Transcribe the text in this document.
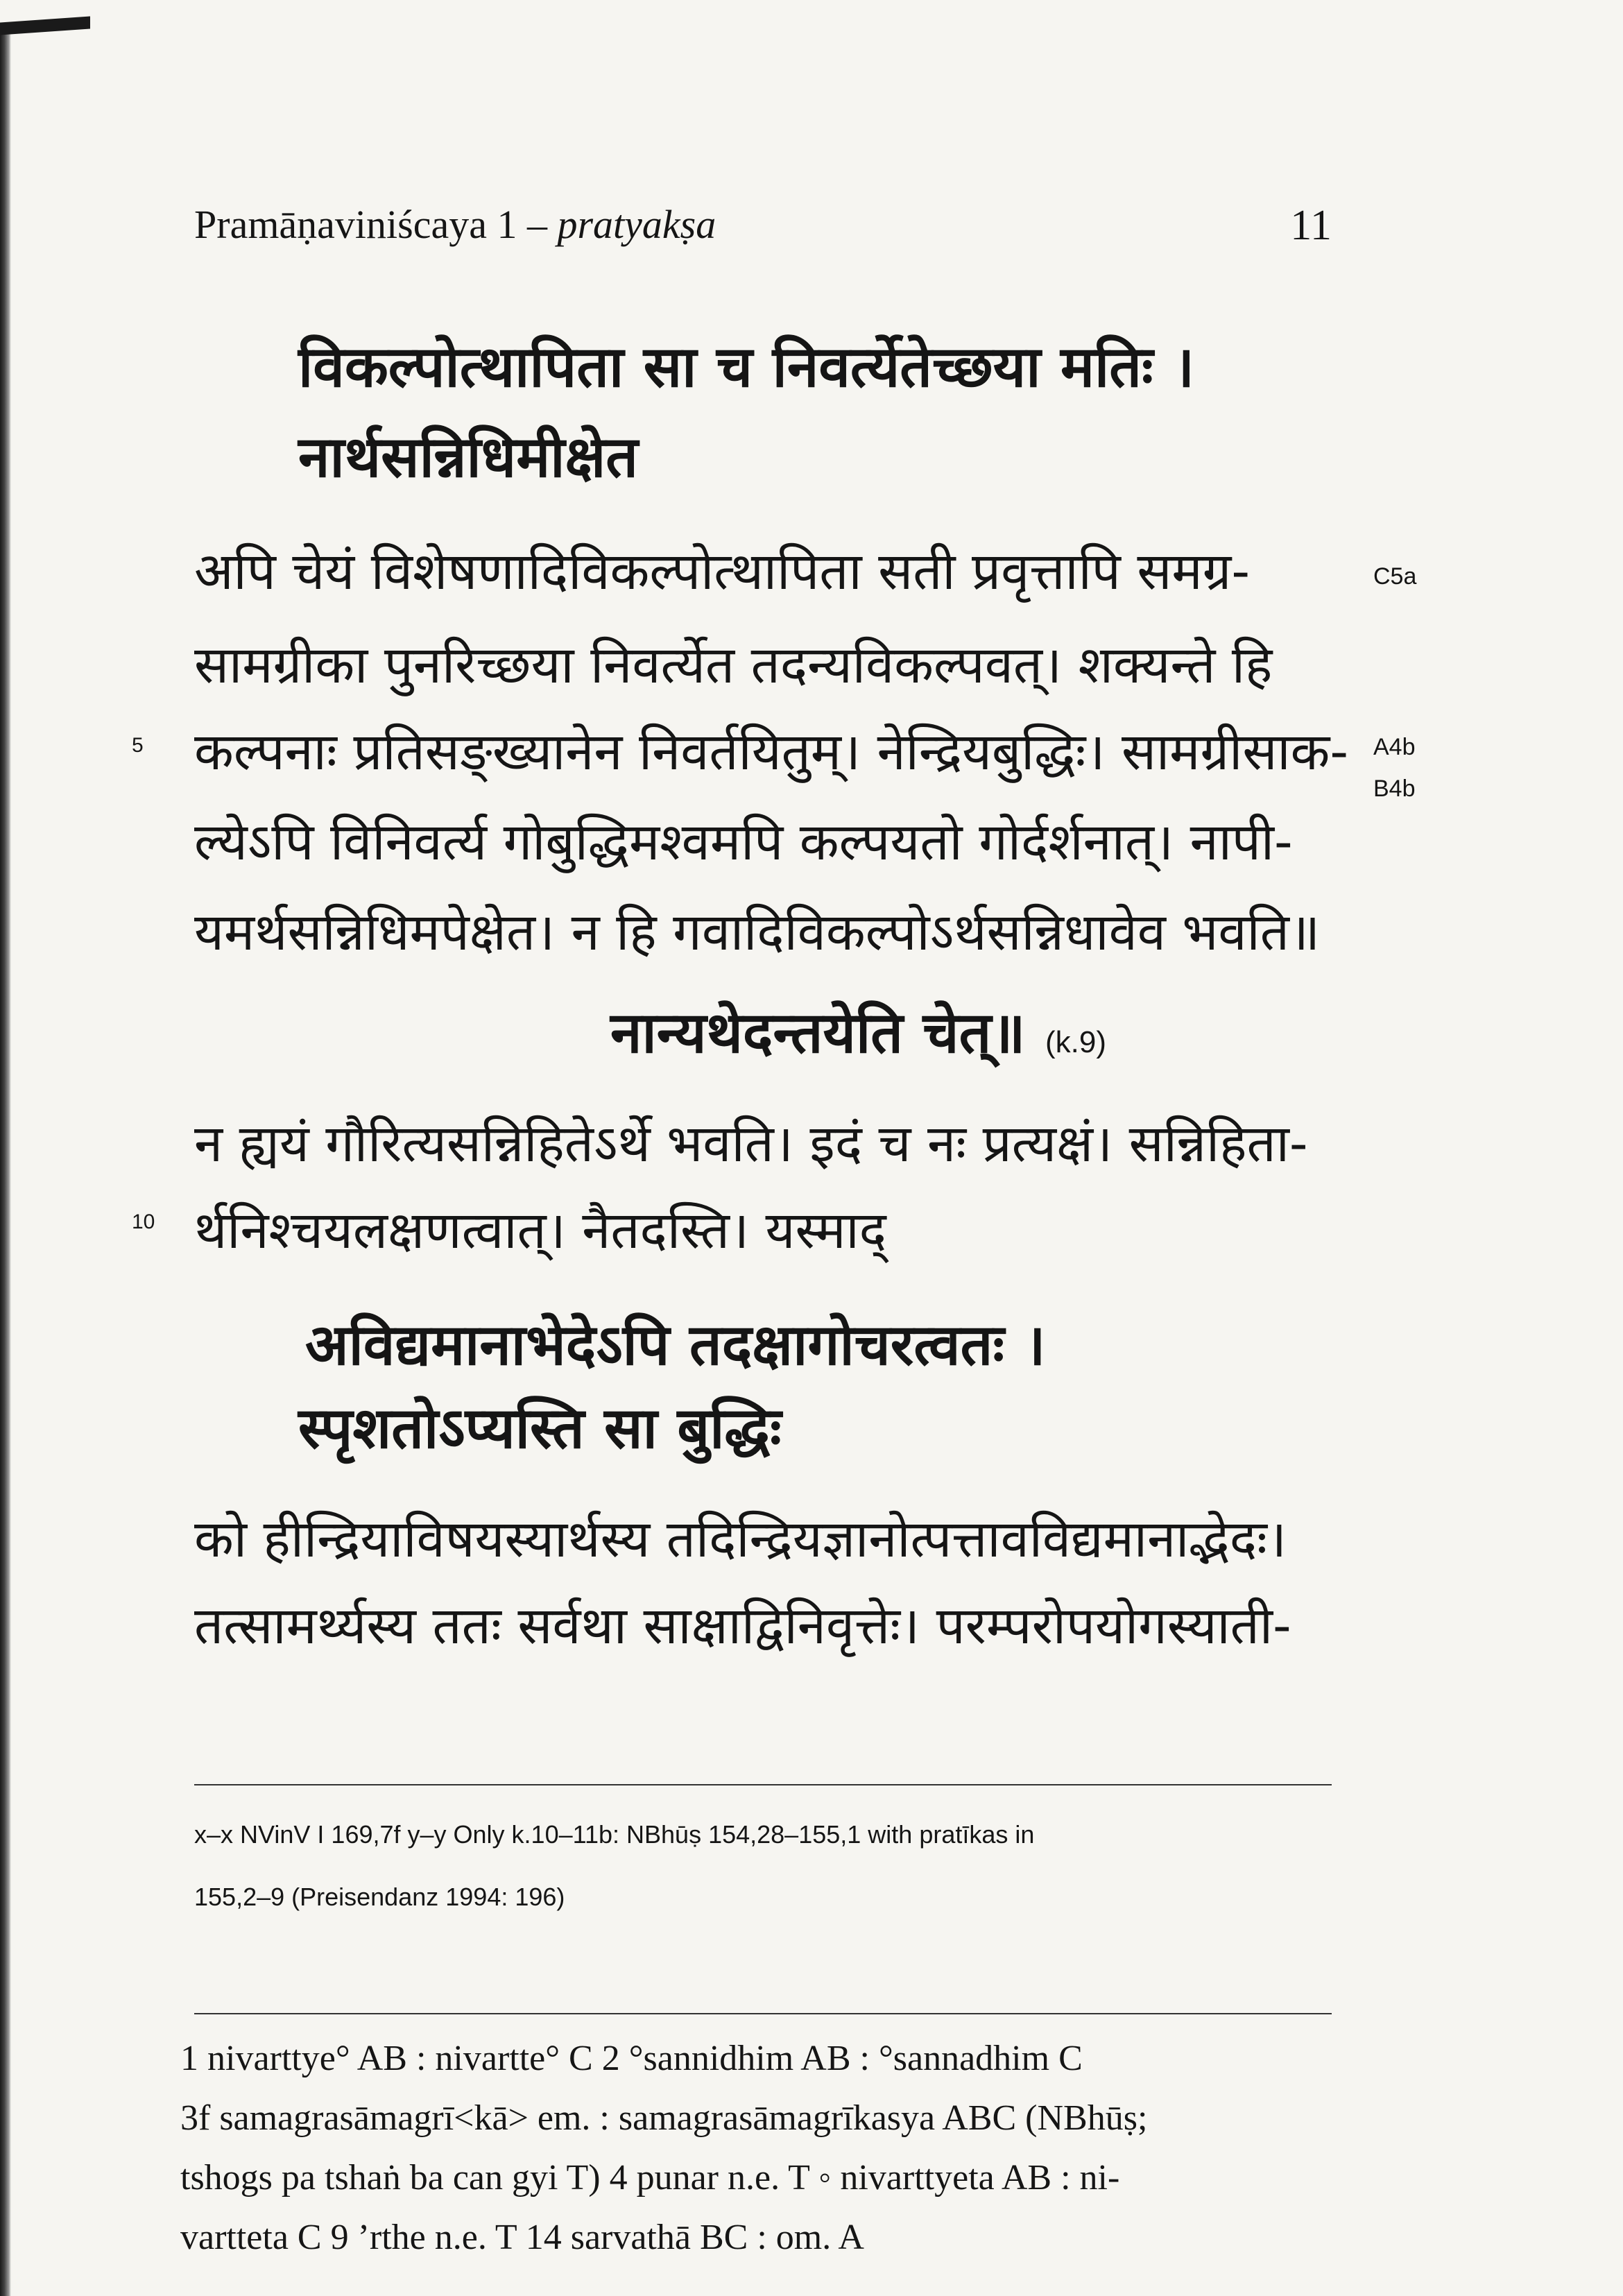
Pramāṇaviniścaya 1 – pratyakṣa	11
विकल्पोत्थापिता सा च निवर्त्येतेच्छया मतिः ।
नार्थसन्निधिमीक्षेत
अपि चेयं विशेषणादिविकल्पोत्थापिता सती प्रवृत्तापि समग्र-	C5a
सामग्रीका पुनरिच्छया निवर्त्येत तदन्यविकल्पवत्। शक्यन्ते हि
5 कल्पनाः प्रतिसङ्ख्यानेन निवर्तयितुम्। नेन्द्रियबुद्धिः। सामग्रीसाक- A4b
B4b
ल्येऽपि विनिवर्त्य गोबुद्धिमश्वमपि कल्पयतो गोर्दर्शनात्। नापी-
यमर्थसन्निधिमपेक्षेत। न हि गवादिविकल्पोऽर्थसन्निधावेव भवति॥
नान्यथेदन्तयेति चेत्॥ (k.9)
न ह्ययं गौरित्यसन्निहितेऽर्थे भवति। इदं च नः प्रत्यक्षं। सन्निहिता-
10 र्थनिश्चयलक्षणत्वात्। नैतदस्ति। यस्माद्
अविद्यमानाभेदेऽपि तदक्षागोचरत्वतः ।
स्पृशतोऽप्यस्ति सा बुद्धिः
को हीन्द्रियाविषयस्यार्थस्य तदिन्द्रियज्ञानोत्पत्तावविद्यमानाद्भेदः।
तत्सामर्थ्यस्य ततः सर्वथा साक्षाद्विनिवृत्तेः। परम्परोपयोगस्याती-
x–x NVinV I 169,7f y–y Only k.10–11b: NBhūṣ 154,28–155,1 with pratīkas in
155,2–9 (Preisendanz 1994: 196)
1 nivarttye° AB : nivartte° C 2 °sannidhim AB : °sannadhim C
3f samagrasāmagrī<kā> em. : samagrasāmagrīkasya ABC (NBhūṣ;
tshogs pa tshaṅ ba can gyi T) 4 punar n.e. T ◦ nivarttyeta AB : ni-
vartteta C 9 ’rthe n.e. T 14 sarvathā BC : om. A
